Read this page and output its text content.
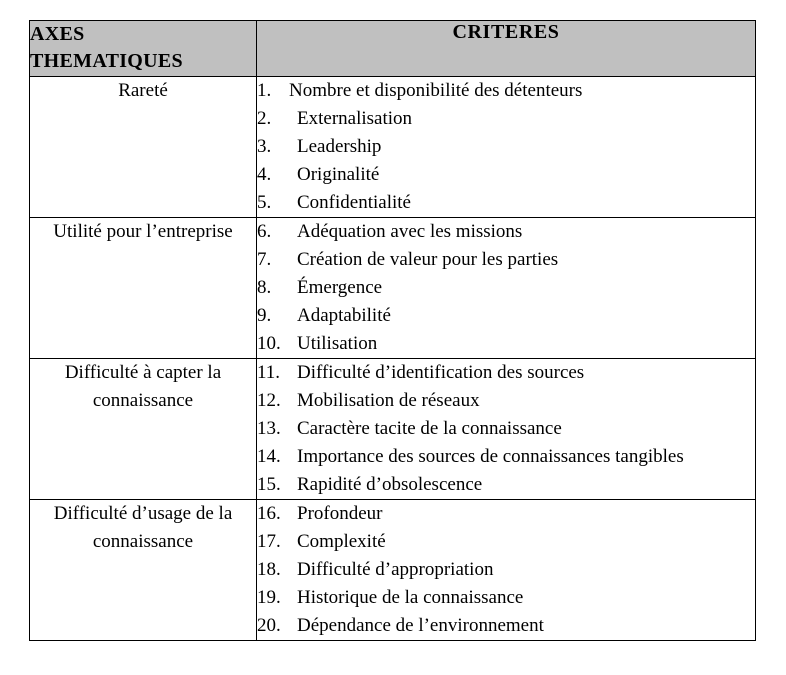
AXES
THEMATIQUES	CRITERES
Rareté	1. Nombre et disponibilité des détenteurs
2.	Externalisation
3.	Leadership
4.	Originalité
5.	Confidentialité

Utilité pour l’entreprise	6.	Adéquation avec les missions
7.	Création de valeur pour les parties
8.	Émergence
9.	Adaptabilité
10. Utilisation

Difficulté à capter la connaissance	
11. Difficulté d’identification des sources
12. Mobilisation de réseaux
13. Caractère tacite de la connaissance
14. Importance des sources de connaissances tangibles
15. Rapidité d’obsolescence

Difficulté d’usage de la connaissance	
16. Profondeur
17. Complexité
18. Difficulté d’appropriation
19. Historique de la connaissance
20. Dépendance de l’environnement
